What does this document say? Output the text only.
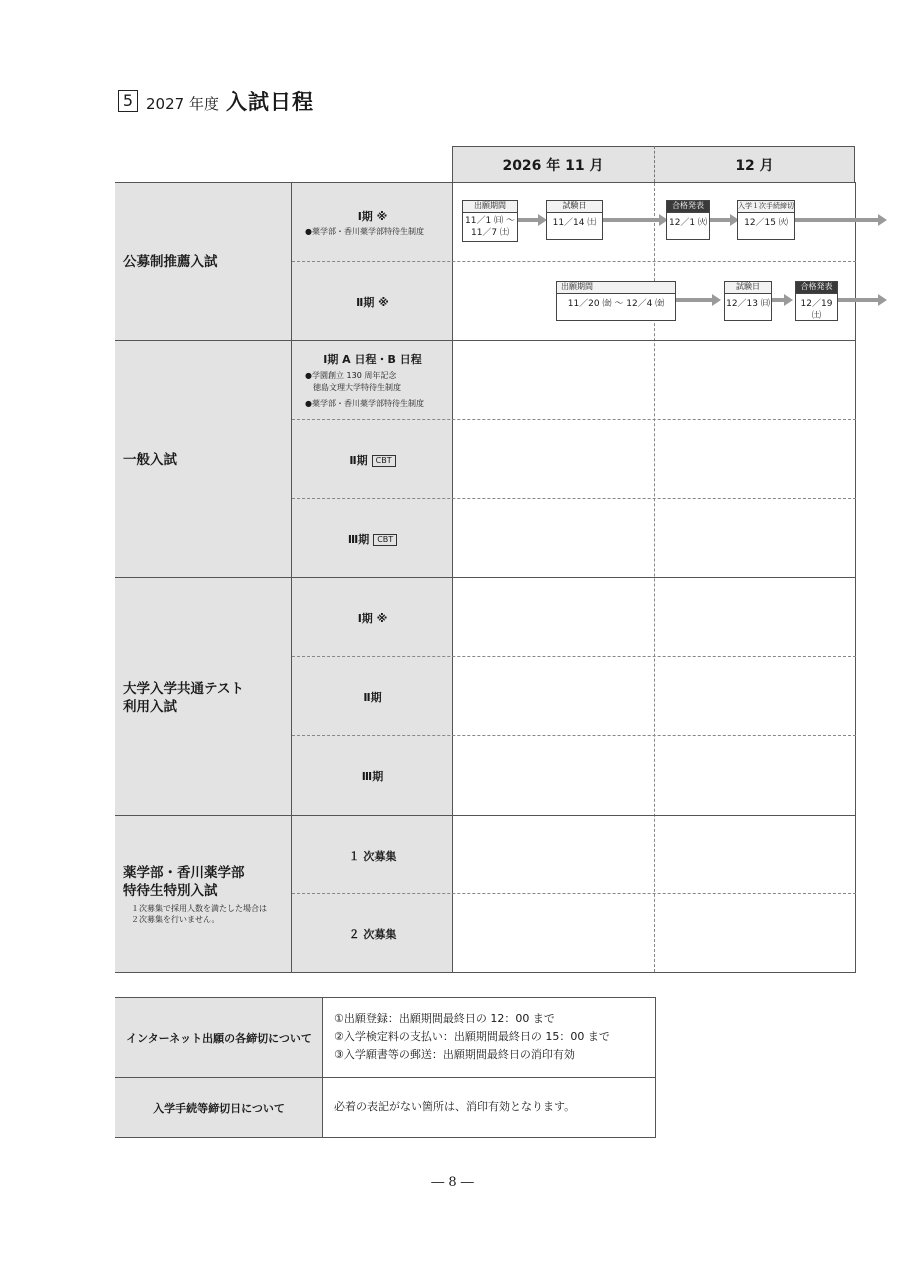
5 2027 年度 入試日程
2026 年 11 月	12 月
公募制推薦入試
一般入試
大学入学共通テスト
利用入試
薬学部・香川薬学部
特待生特別入試
１次募集で採用人数を満たした場合は
２次募集を行いません。
Ⅰ期 ※
●薬学部・香川薬学部特待生制度
Ⅱ期 ※
Ⅰ期 A 日程・B 日程
●学園創立 130 周年記念
徳島文理大学特待生制度
●薬学部・香川薬学部特待生制度
Ⅱ期 CBT
Ⅲ期 CBT
Ⅰ期 ※
Ⅱ期
Ⅲ期
１ 次募集
２ 次募集
出願期間
11／1 ㈰ ～
11／7 ㈯
試験日
11／14 ㈯
合格発表
12／1 ㈫
入学１次手続締切
12／15 ㈫
出願期間
11／20 ㈮ ～ 12／4 ㈮
試験日
12／13 ㈰
合格発表
12／19 ㈯
インターネット出願の各締切について
①出願登録：出願期間最終日の 12：00 まで
②入学検定料の支払い：出願期間最終日の 15：00 まで
③入学願書等の郵送：出願期間最終日の消印有効
入学手続等締切日について	必着の表記がない箇所は、消印有効となります。
― 8 ―
